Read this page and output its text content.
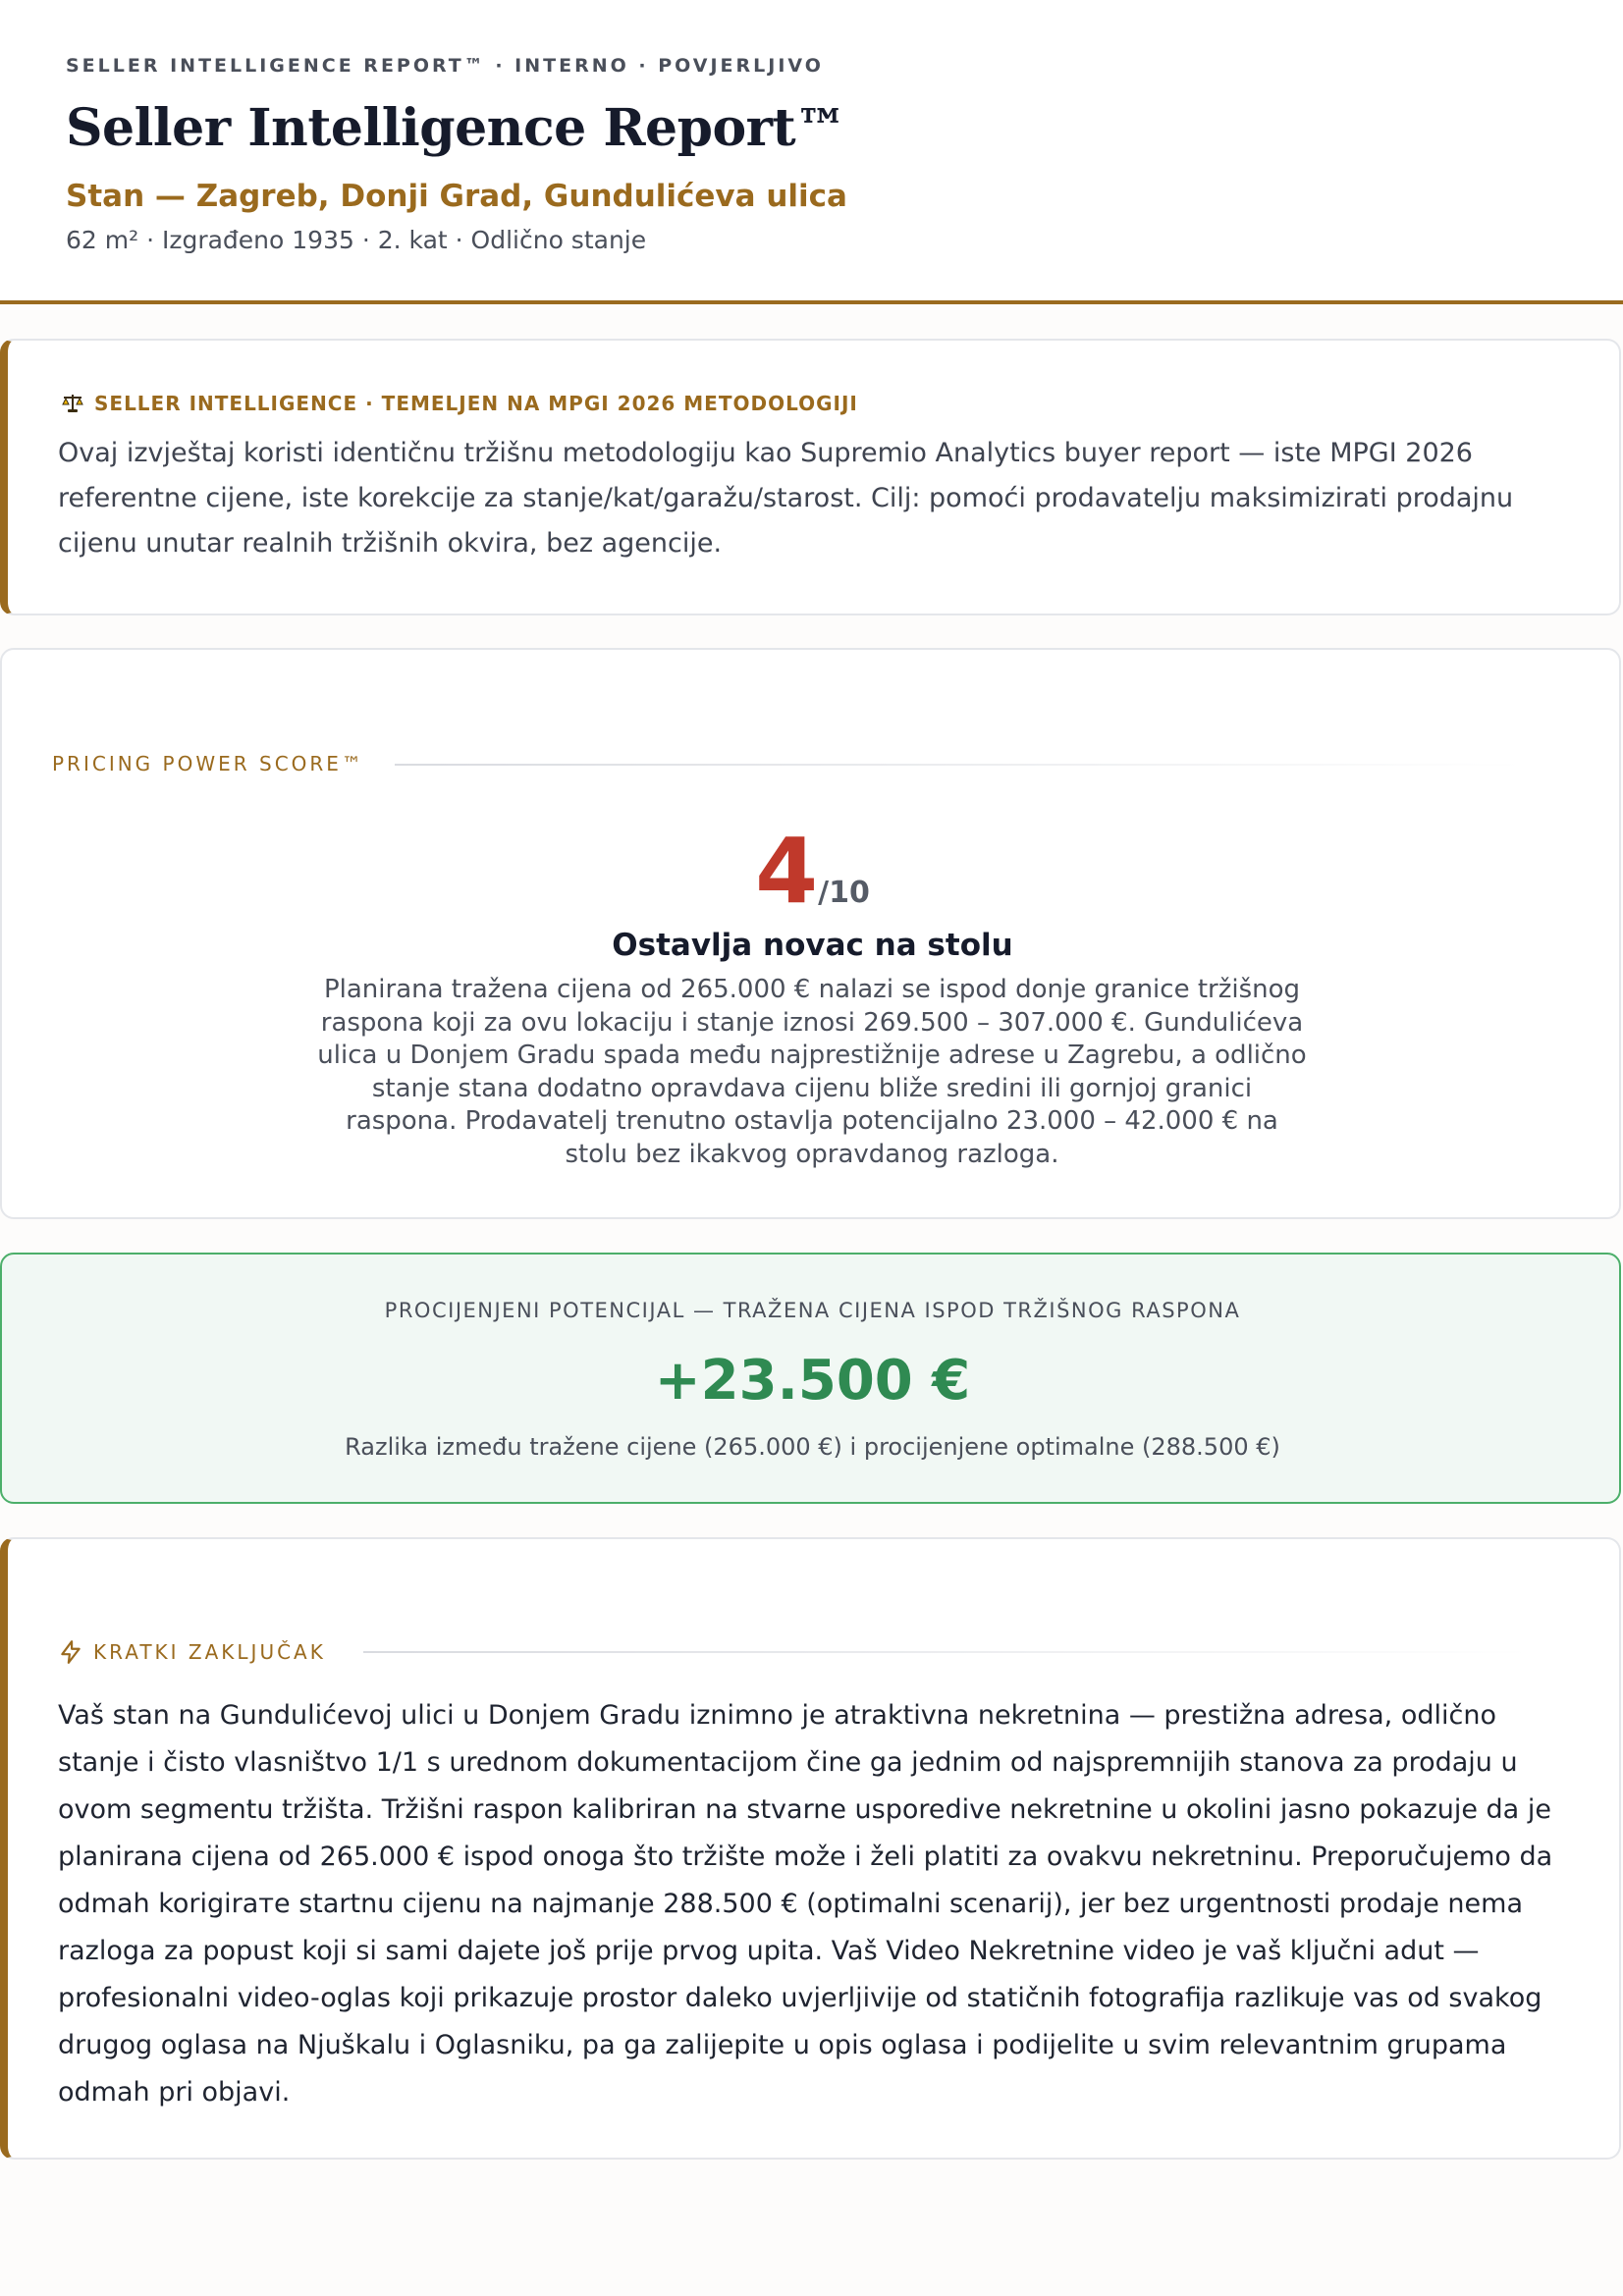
SELLER INTELLIGENCE REPORT™ · INTERNO · POVJERLJIVO
Seller Intelligence Report™
Stan — Zagreb, Donji Grad, Gundulićeva ulica
62 m² · Izgrađeno 1935 · 2. kat · Odlično stanje
SELLER INTELLIGENCE · TEMELJEN NA MPGI 2026 METODOLOGIJI
Ovaj izvještaj koristi identičnu tržišnu metodologiju kao Supremio Analytics buyer report — iste MPGI 2026 referentne cijene, iste korekcije za stanje/kat/garažu/starost. Cilj: pomoći prodavatelju maksimizirati prodajnu cijenu unutar realnih tržišnih okvira, bez agencije.
PRICING POWER SCORE™
4/10
Ostavlja novac na stolu
Planirana tražena cijena od 265.000 € nalazi se ispod donje granice tržišnog raspona koji za ovu lokaciju i stanje iznosi 269.500 – 307.000 €. Gundulićeva ulica u Donjem Gradu spada među najprestižnije adrese u Zagrebu, a odlično stanje stana dodatno opravdava cijenu bliže sredini ili gornjoj granici raspona. Prodavatelj trenutno ostavlja potencijalno 23.000 – 42.000 € na stolu bez ikakvog opravdanog razloga.
PROCIJENJENI POTENCIJAL — TRAŽENA CIJENA ISPOD TRŽIŠNOG RASPONA
+23.500 €
Razlika između tražene cijene (265.000 €) i procijenjene optimalne (288.500 €)
KRATKI ZAKLJUČAK
Vaš stan na Gundulićevoj ulici u Donjem Gradu iznimno je atraktivna nekretnina — prestižna adresa, odlično stanje i čisto vlasništvo 1/1 s urednom dokumentacijom čine ga jednim od najspremnijih stanova za prodaju u ovom segmentu tržišta. Tržišni raspon kalibriran na stvarne usporedive nekretnine u okolini jasno pokazuje da je planirana cijena od 265.000 € ispod onoga što tržište može i želi platiti za ovakvu nekretninu. Preporučujemo da odmah korigirате startnu cijenu na najmanje 288.500 € (optimalni scenarij), jer bez urgentnosti prodaje nema razloga za popust koji si sami dajete još prije prvog upita. Vaš Video Nekretnine video je vaš ključni adut — profesionalni video-oglas koji prikazuje prostor daleko uvjerljivije od statičnih fotografija razlikuje vas od svakog drugog oglasa na Njuškalu i Oglasniku, pa ga zalijepite u opis oglasa i podijelite u svim relevantnim grupama odmah pri objavi.
